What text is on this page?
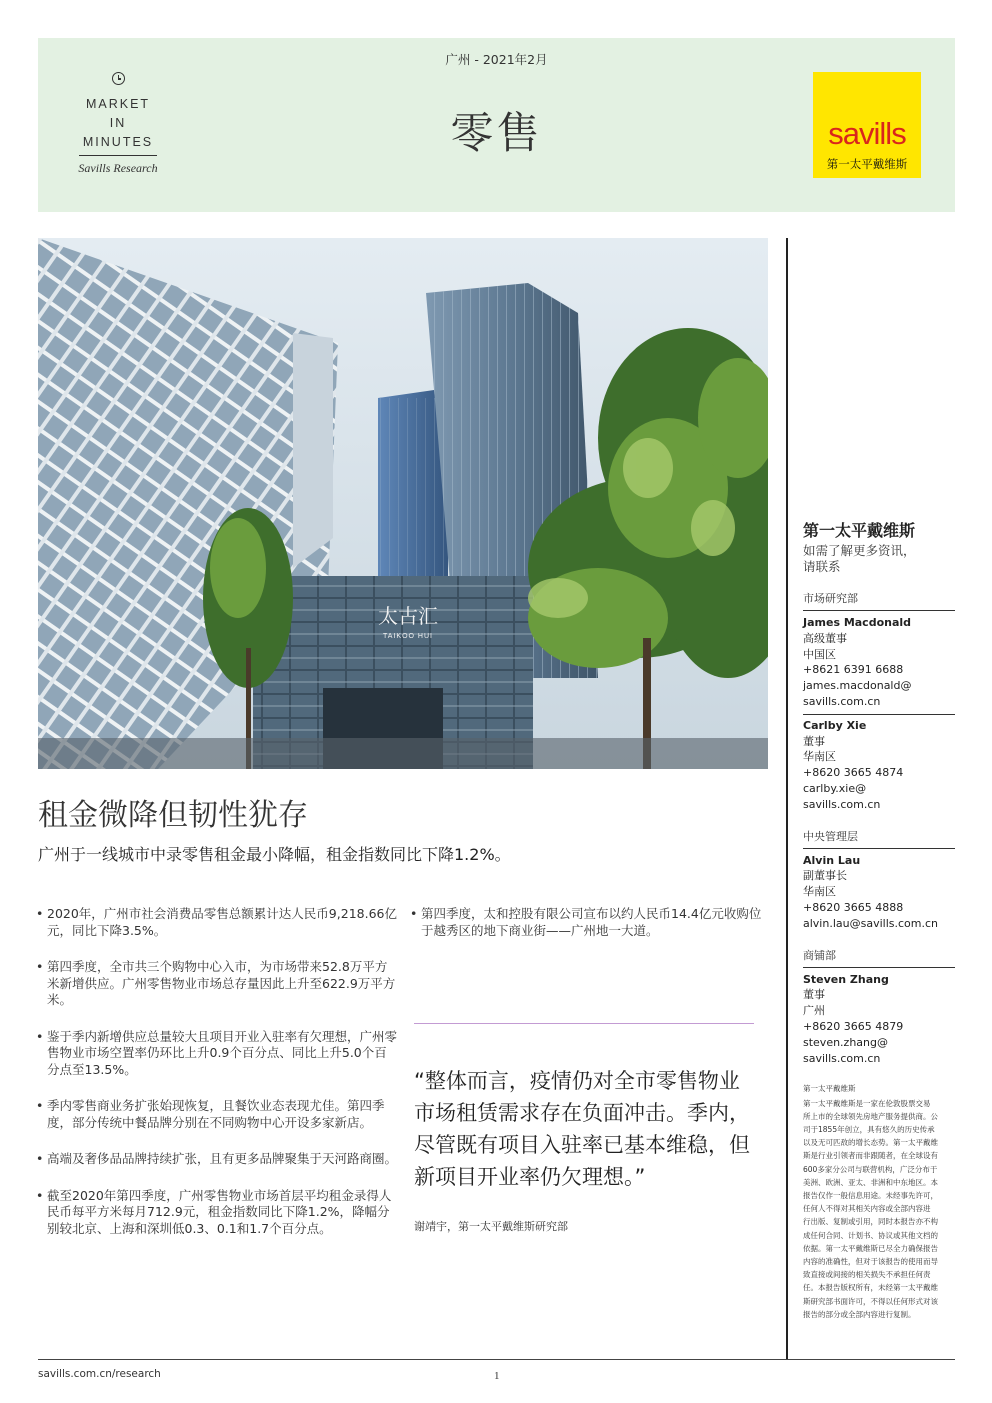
MARKET
IN
MINUTES
Savills Research
广州 - 2021年2月
零售	savills
第一太平戴维斯
太古汇
TAIKOO HUI
租金微降但韧性犹存
广州于一线城市中录零售租金最小降幅，租金指数同比下降1.2%。
• 2020年，广州市社会消费品零售总额累计达人民币9,218.66亿元，同比下降3.5%。
• 第四季度，全市共三个购物中心入市，为市场带来52.8万平方米新增供应。广州零售物业市场总存量因此上升至622.9万平方米。
• 鉴于季内新增供应总量较大且项目开业入驻率有欠理想，广州零售物业市场空置率仍环比上升0.9个百分点、同比上升5.0个百分点至13.5%。
• 季内零售商业务扩张始现恢复，且餐饮业态表现尤佳。第四季度，部分传统中餐品牌分别在不同购物中心开设多家新店。
• 高端及奢侈品品牌持续扩张，且有更多品牌聚集于天河路商圈。
• 截至2020年第四季度，广州零售物业市场首层平均租金录得人民币每平方米每月712.9元，租金指数同比下降1.2%，降幅分别较北京、上海和深圳低0.3、0.1和1.7个百分点。
• 第四季度，太和控股有限公司宣布以约人民币14.4亿元收购位于越秀区的地下商业街——广州地一大道。
“整体而言，疫情仍对全市零售物业市场租赁需求存在负面冲击。季内，尽管既有项目入驻率已基本维稳，但新项目开业率仍欠理想。”
谢靖宇，第一太平戴维斯研究部
第一太平戴维斯
如需了解更多资讯，
请联系
市场研究部
James Macdonald
高级董事
中国区
+8621 6391 6688
james.macdonald@
savills.com.cn
Carlby Xie
董事
华南区
+8620 3665 4874
carlby.xie@
savills.com.cn
中央管理层
Alvin Lau
副董事长
华南区
+8620 3665 4888
alvin.lau@savills.com.cn
商铺部
Steven Zhang
董事
广州
+8620 3665 4879
steven.zhang@
savills.com.cn
第一太平戴维斯
第一太平戴维斯是一家在伦敦股票交易
所上市的全球领先房地产服务提供商。公
司于1855年创立，具有悠久的历史传承
以及无可匹敌的增长态势。第一太平戴维
斯是行业引领者而非跟随者，在全球设有
600多家分公司与联营机构，广泛分布于
美洲、欧洲、亚太、非洲和中东地区。本
报告仅作一般信息用途。未经事先许可，
任何人不得对其相关内容或全部内容进
行出版、复制或引用，同时本报告亦不构
成任何合同、计划书、协议或其他文档的
依据。第一太平戴维斯已尽全力确保报告
内容的准确性，但对于该报告的使用而导
致直接或间接的相关损失不承担任何责
任。本报告版权所有，未经第一太平戴维
斯研究部书面许可，不得以任何形式对该
报告的部分或全部内容进行复制。
savills.com.cn/research	1
